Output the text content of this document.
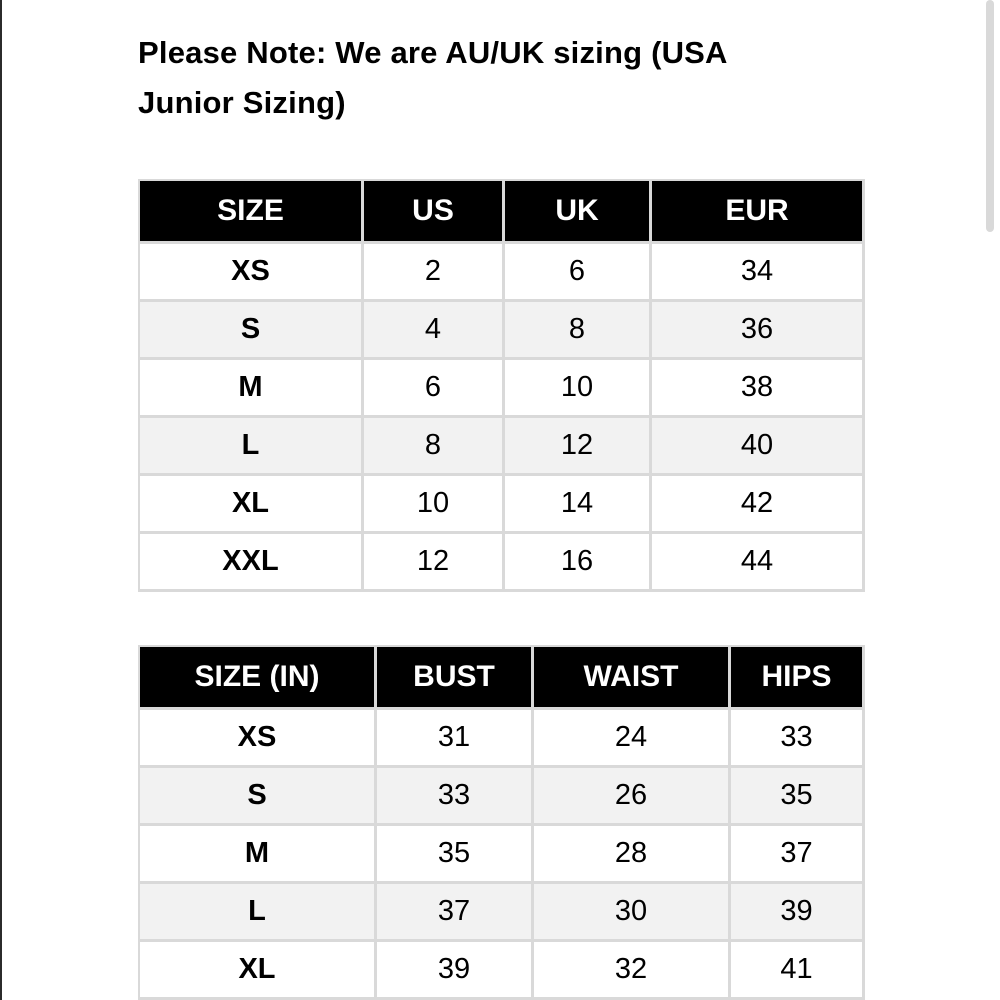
Please Note: We are AU/UK sizing (USA Junior Sizing)
SIZE	US	UK	EUR
XS	2	6	34
S	4	8	36
M	6	10	38
L	8	12	40
XL	10	14	42
XXL	12	16	44
SIZE (IN)	BUST	WAIST	HIPS
XS	31	24	33
S	33	26	35
M	35	28	37
L	37	30	39
XL	39	32	41
